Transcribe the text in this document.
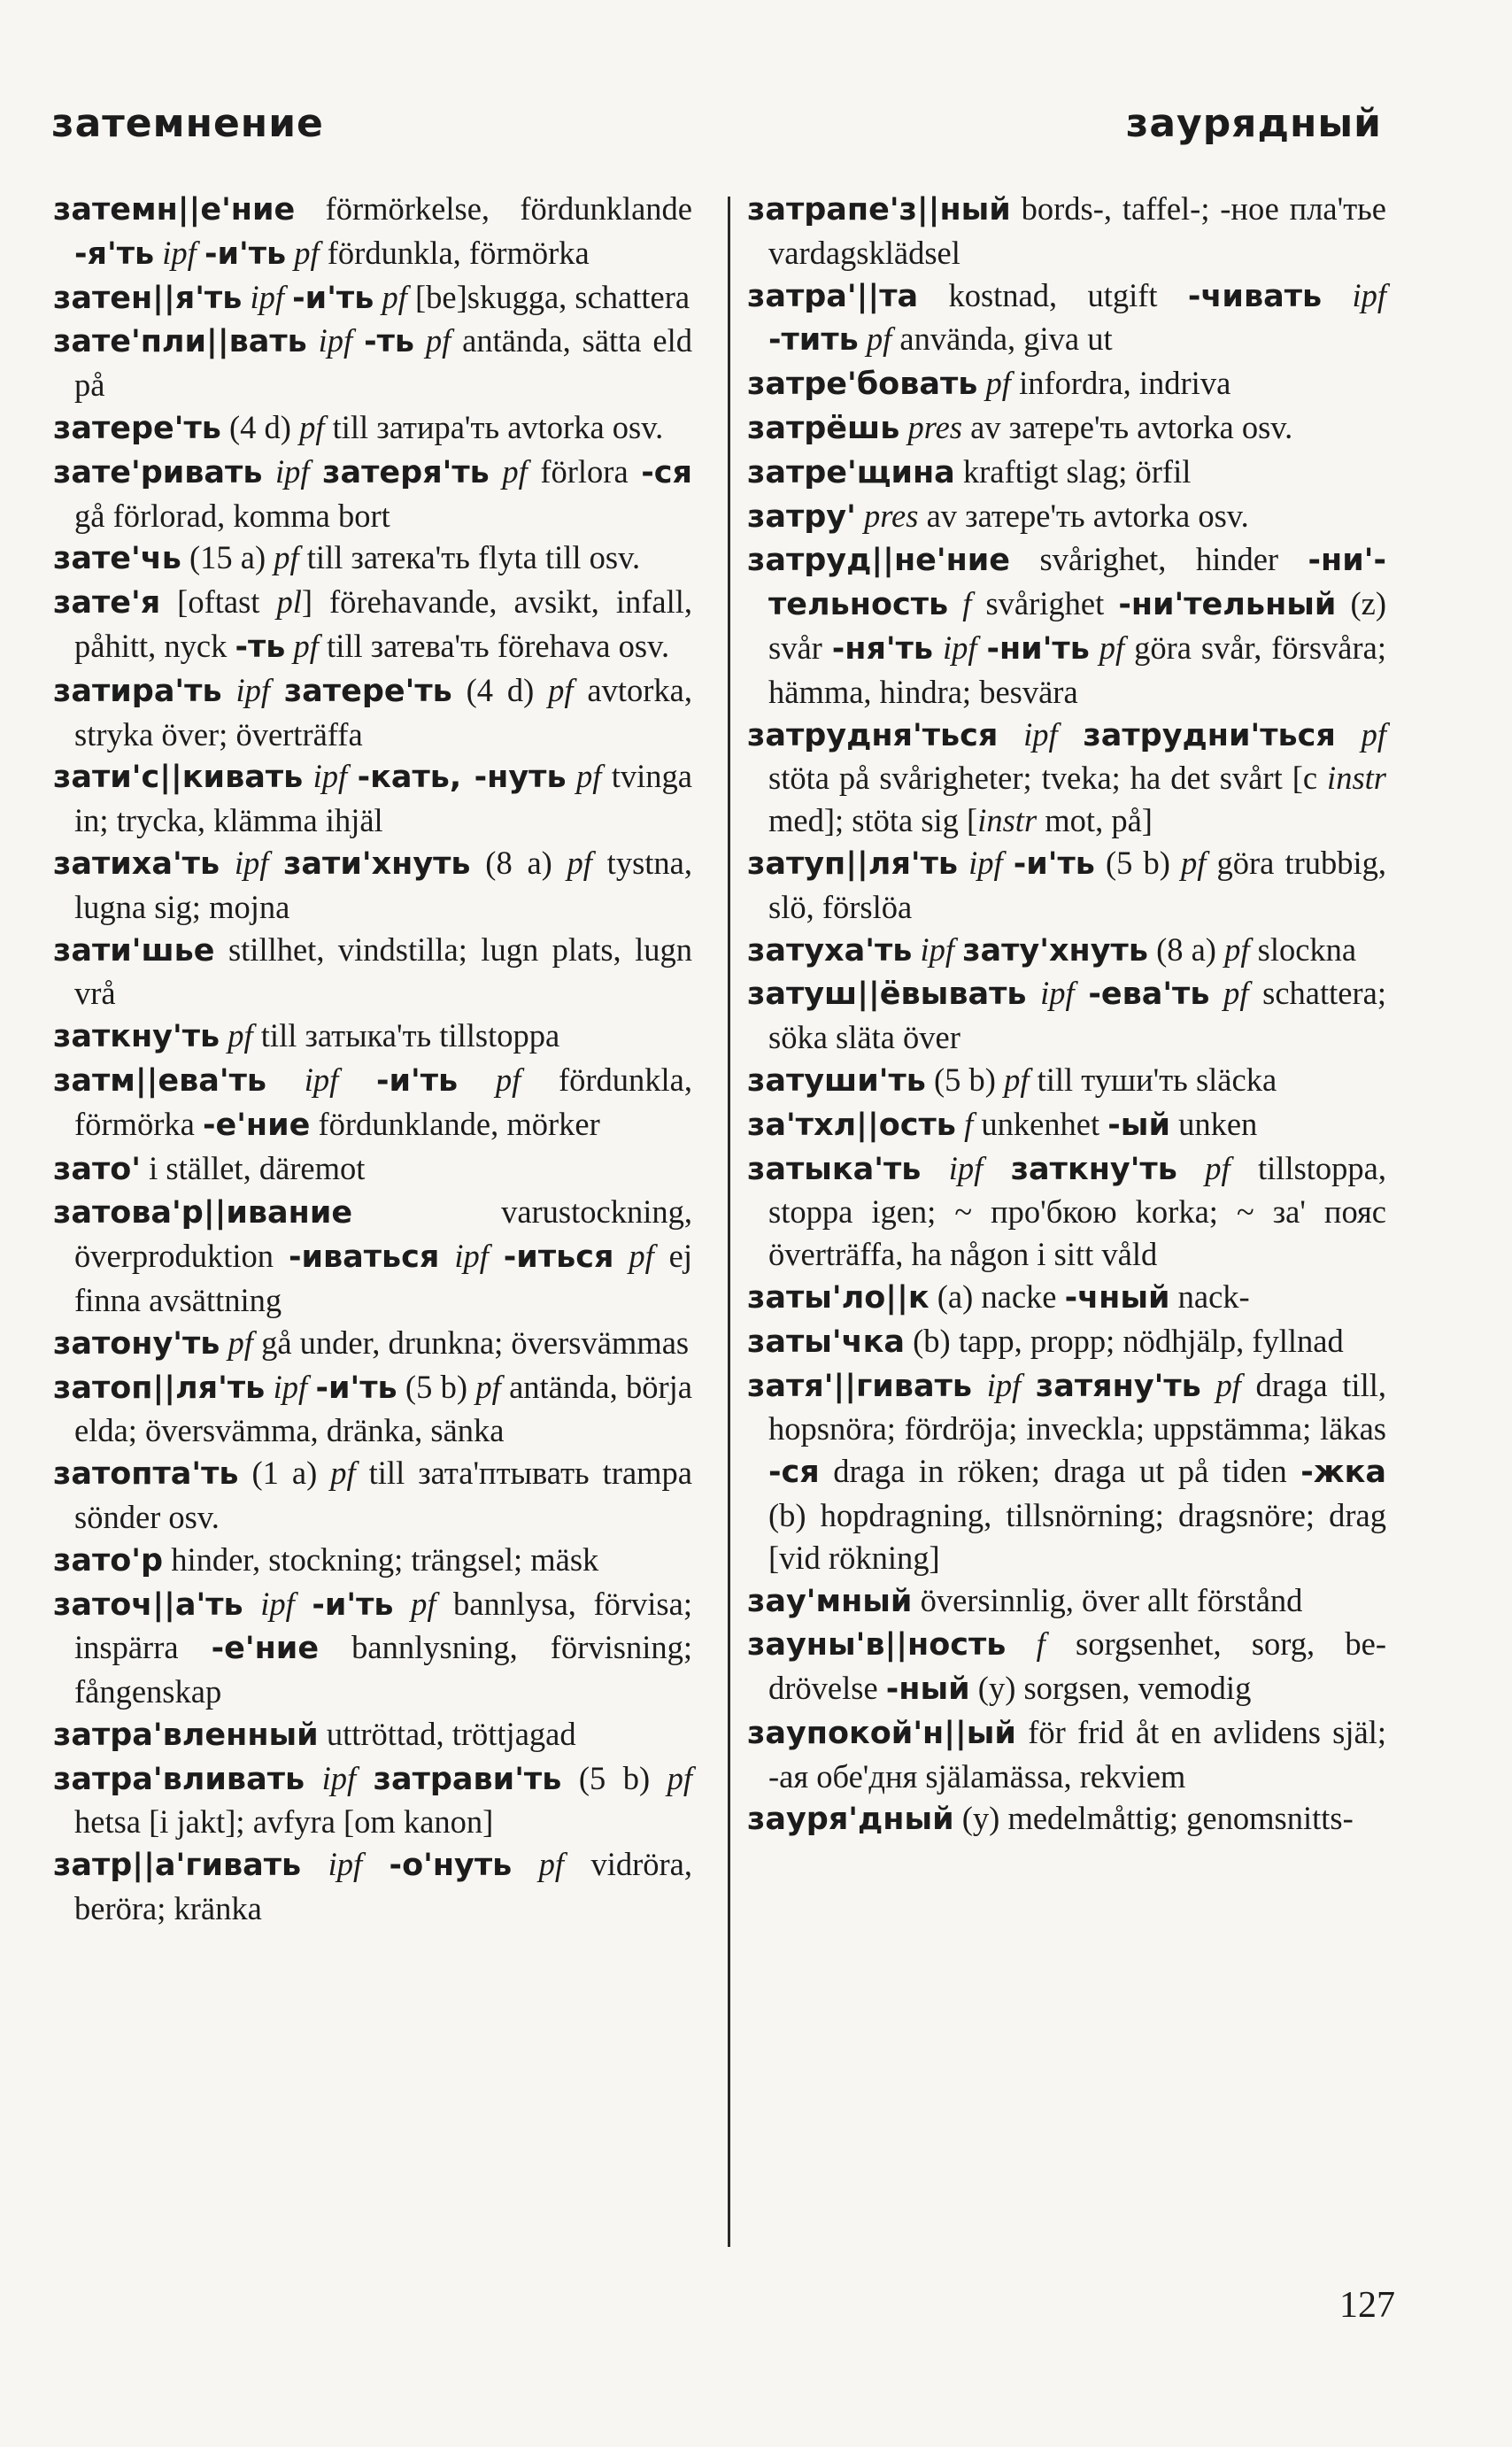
затемнение	заурядный

затемн||е'ние förmörkelse, fördunklande -я'ть ipf -и'ть pf fördunkla, förmörka

затен||я'ть ipf -и'ть pf [be]skugga, schattera

зате'пли||вать ipf -ть pf antända, sätta eld på

затере'ть (4 d) pf till затира'ть avtorka osv.

зате'ривать ipf затеря'ть pf förlora -ся gå förlorad, komma bort

зате'чь (15 a) pf till затека'ть flyta till osv.

зате'я [oftast pl] förehavande, avsikt, infall, påhitt, nyck -ть pf till затева'ть förehava osv.

затира'ть ipf затере'ть (4 d) pf avtorka, stryka över; överträffa

зати'с||кивать ipf -кать, -нуть pf tvinga in; trycka, klämma ihjäl

затиха'ть ipf зати'хнуть (8 a) pf tystna, lugna sig; mojna

зати'шье stillhet, vindstilla; lugn plats, lugn vrå

заткну'ть pf till затыка'ть tillstoppa

затм||ева'ть ipf -и'ть pf fördunkla, förmörka -е'ние fördunklande, mörker

зато' i stället, däremot

затова'р||ивание varustockning, överproduktion -иваться ipf -иться pf ej finna avsättning

затону'ть pf gå under, drunkna; översvämmas

затоп||ля'ть ipf -и'ть (5 b) pf antända, börja elda; översvämma, dränka, sänka

затопта'ть (1 a) pf till зата'птывать trampa sönder osv.

зато'р hinder, stockning; trängsel; mäsk

заточ||а'ть ipf -и'ть pf bannlysa, förvisa; inspärra -е'ние bannlysning, förvisning; fångenskap

затра'вленный uttröttad, tröttjagad

затра'вливать ipf затрави'ть (5 b) pf hetsa [i jakt]; avfyra [om kanon]

затр||а'гивать ipf -о'нуть pf vidröra, beröra; kränka

затрапе'з||ный bords-, taffel-; -ное пла'тье vardagsklädsel

затра'||та kostnad, utgift -чивать ipf -тить pf använda, giva ut

затре'бовать pf infordra, indriva

затрёшь pres av затере'ть avtorka osv.

затре'щина kraftigt slag; örfil

затру' pres av затере'ть avtorka osv.

затруд||не'ние svårighet, hinder -ни'тельность f svårighet -ни'тельный (z) svår -ня'ть ipf -ни'ть pf göra svår, försvåra; hämma, hindra; besvära

затрудня'ться ipf затрудни'ться pf stöta på svårigheter; tveka; ha det svårt [с instr med]; stöta sig [instr mot, på]

затуп||ля'ть ipf -и'ть (5 b) pf göra trubbig, slö, förslöa

затуха'ть ipf зату'хнуть (8 a) pf slockna

затуш||ёвывать ipf -ева'ть pf schattera; söka släta över

затуши'ть (5 b) pf till туши'ть släcka

за'тхл||ость f unkenhet -ый unken

затыка'ть ipf заткну'ть pf tillstoppa, stoppa igen; ~ про'бкою korka; ~ за' пояс överträffa, ha någon i sitt våld

заты'ло||к (a) nacke -чный nack-

заты'чка (b) tapp, propp; nödhjälp, fyllnad

затя'||гивать ipf затяну'ть pf draga till, hopsnöra; fördröja; inveckla; uppstämma; läkas -ся draga in röken; draga ut på tiden -жка (b) hopdragning, tillsnörning; dragsnöre; drag [vid rökning]

зау'мный översinnlig, över allt förstånd

зауны'в||ность f sorgsenhet, sorg, bedrövelse -ный (y) sorgsen, vemodig

заупокой'н||ый för frid åt en avlidens själ; -ая обе'дня själamässa, rekviem

зауря'дный (y) medelmåttig; genomsnitts-

127
